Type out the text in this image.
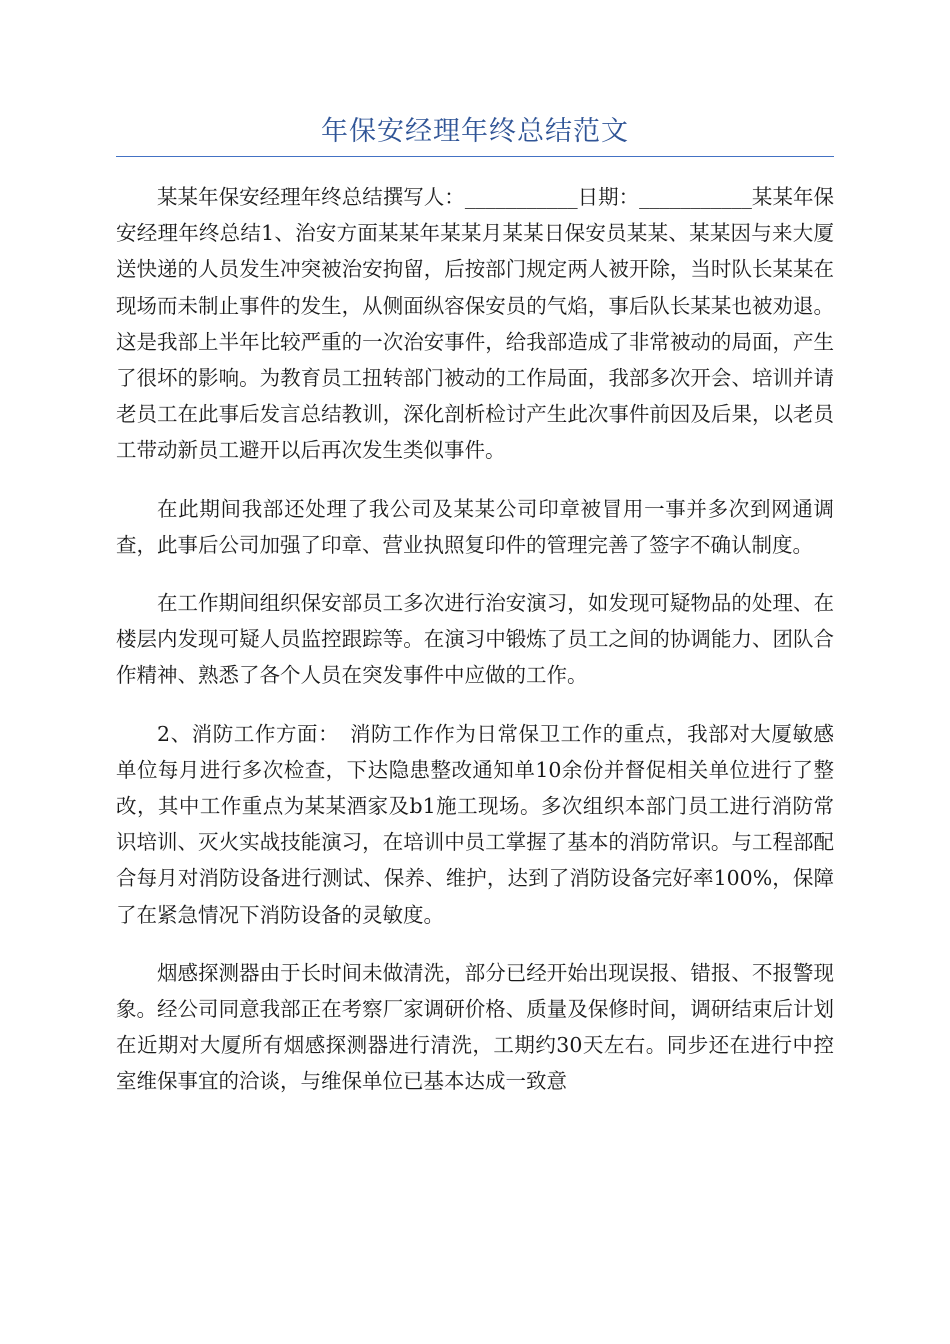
年保安经理年终总结范文

某某年保安经理年终总结撰写人：___________日期：___________某某年保安经理年终总结1、治安方面某某年某某月某某日保安员某某、某某因与来大厦送快递的人员发生冲突被治安拘留，后按部门规定两人被开除，当时队长某某在现场而未制止事件的发生，从侧面纵容保安员的气焰，事后队长某某也被劝退。这是我部上半年比较严重的一次治安事件，给我部造成了非常被动的局面，产生了很坏的影响。为教育员工扭转部门被动的工作局面，我部多次开会、培训并请老员工在此事后发言总结教训，深化剖析检讨产生此次事件前因及后果，以老员工带动新员工避开以后再次发生类似事件。

在此期间我部还处理了我公司及某某公司印章被冒用一事并多次到网通调查，此事后公司加强了印章、营业执照复印件的管理完善了签字不确认制度。

在工作期间组织保安部员工多次进行治安演习，如发现可疑物品的处理、在楼层内发现可疑人员监控跟踪等。在演习中锻炼了员工之间的协调能力、团队合作精神、熟悉了各个人员在突发事件中应做的工作。

2、消防工作方面：　消防工作作为日常保卫工作的重点，我部对大厦敏感单位每月进行多次检查，下达隐患整改通知单10余份并督促相关单位进行了整改，其中工作重点为某某酒家及b1施工现场。多次组织本部门员工进行消防常识培训、灭火实战技能演习，在培训中员工掌握了基本的消防常识。与工程部配合每月对消防设备进行测试、保养、维护，达到了消防设备完好率100%，保障了在紧急情况下消防设备的灵敏度。

烟感探测器由于长时间未做清洗，部分已经开始出现误报、错报、不报警现象。经公司同意我部正在考察厂家调研价格、质量及保修时间，调研结束后计划在近期对大厦所有烟感探测器进行清洗，工期约30天左右。同步还在进行中控室维保事宜的洽谈，与维保单位已基本达成一致意
